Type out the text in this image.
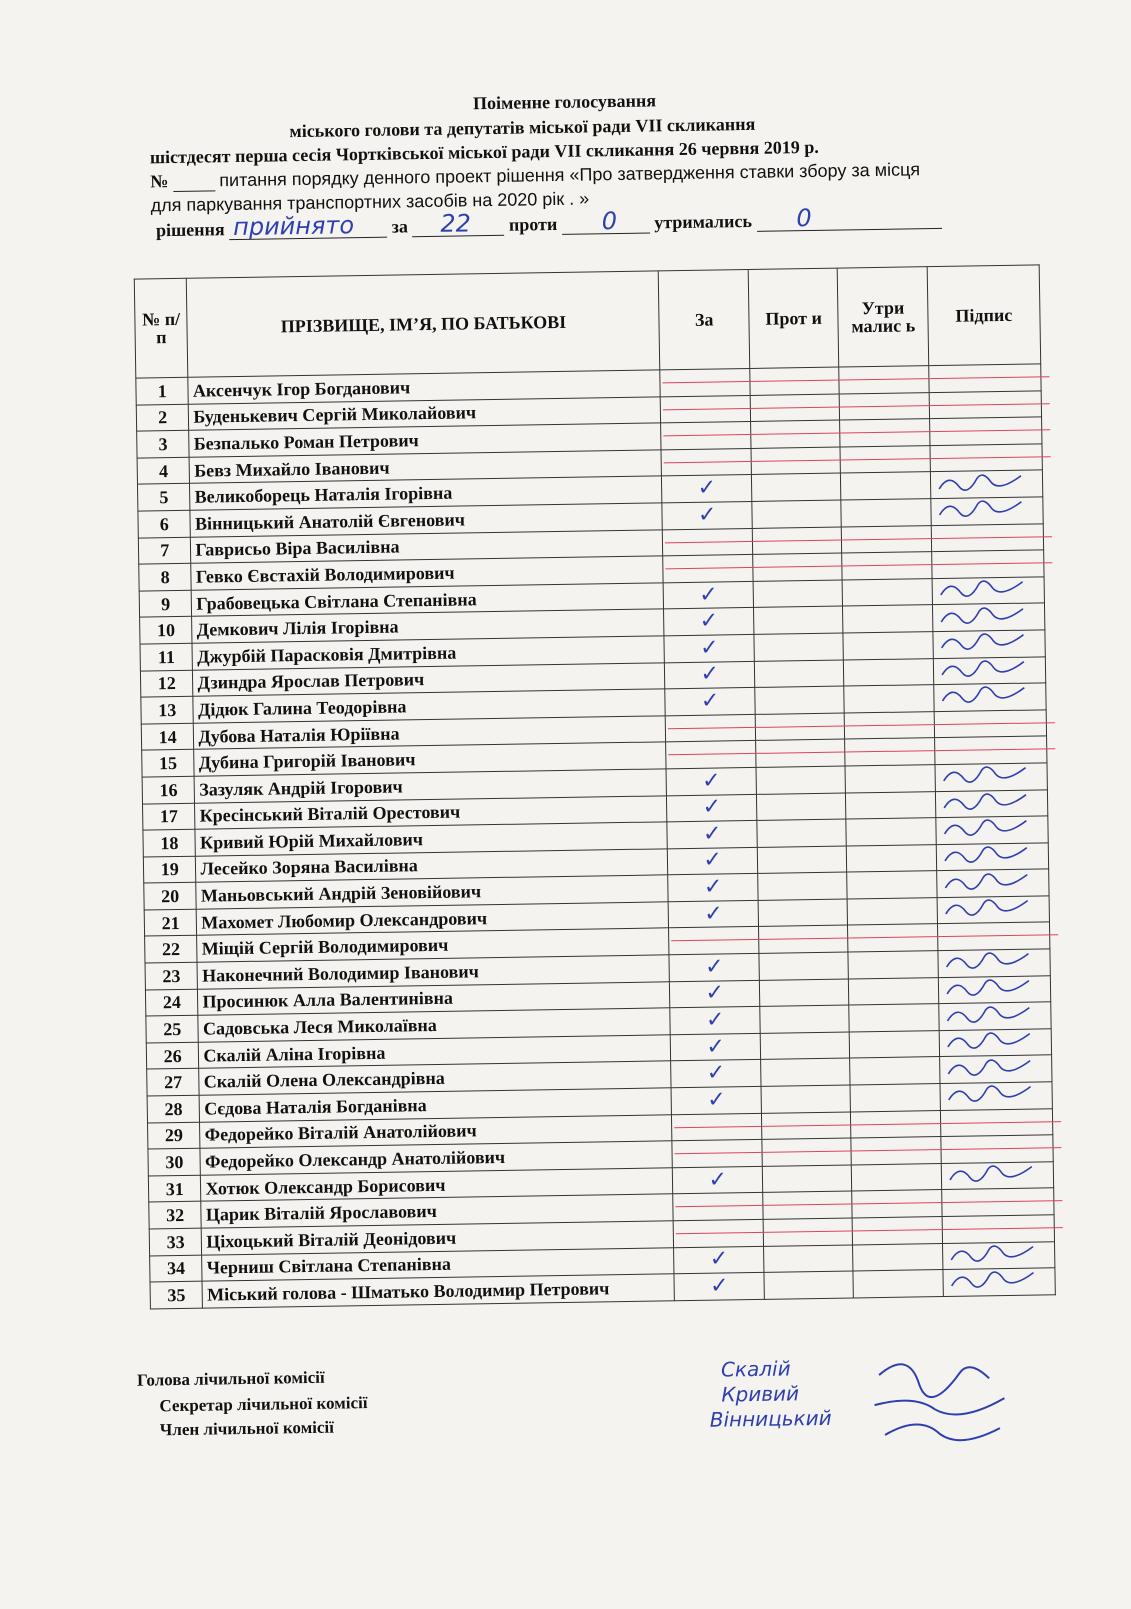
Поіменне голосування
міського голови та депутатів міської ради VІІ скликання
шістдесят перша сесія Чортківської міської ради VІІ скликання 26 червня 2019 р.
№	питання порядку денного проект рішення «Про затвердження ставки збору за місця
для паркування транспортних засобів на 2020 рік . »
рішення прийнято за 22 проти 0 утримались 0
№ п/п	ПРІЗВИЩЕ, ІМ’Я, ПО БАТЬКОВІ	За	Прот и	Утри малис ь	Підпис
1	Аксенчук Ігор Богданович	

2	Буденькевич Сергій Миколайович	

3	Безпалько Роман Петрович	

4	Бевз Михайло Іванович	

5	Великоборець Наталія Ігорівна	✓			
6	Вінницький Анатолій Євгенович	✓			
7	Гаврисьо Віра Василівна	

8	Гевко Євстахій Володимирович	

9	Грабовецька Світлана Степанівна	✓			
10	Демкович Лілія Ігорівна	✓			
11	Джурбій Парасковія Дмитрівна	✓			
12	Дзиндра Ярослав Петрович	✓			
13	Дідюк Галина Теодорівна	✓			
14	Дубова Наталія Юріївна	

15	Дубина Григорій Іванович	

16	Зазуляк Андрій Ігорович	✓			
17	Кресінський Віталій Орестович	✓			
18	Кривий Юрій Михайлович	✓			
19	Лесейко Зоряна Василівна	✓			
20	Маньовський Андрій Зеновійович	✓			
21	Махомет Любомир Олександрович	✓			
22	Міщій Сергій Володимирович	

23	Наконечний Володимир Іванович	✓			
24	Просинюк Алла Валентинівна	✓			
25	Садовська Леся Миколаївна	✓			
26	Скалій Аліна Ігорівна	✓			
27	Скалій Олена Олександрівна	✓			
28	Сєдова Наталія Богданівна	✓			
29	Федорейко Віталій Анатолійович	

30	Федорейко Олександр Анатолійович	

31	Хотюк Олександр Борисович	✓			
32	Царик Віталій Ярославович	

33	Ціхоцький Віталій Деонідович	

34	Черниш Світлана Степанівна	✓			
35	Міський голова - Шматько Володимир Петрович	✓			
Голова лічильної комісії
Секретар лічильної комісії
Член лічильної комісії
Скалій
Кривий
Вінницький
